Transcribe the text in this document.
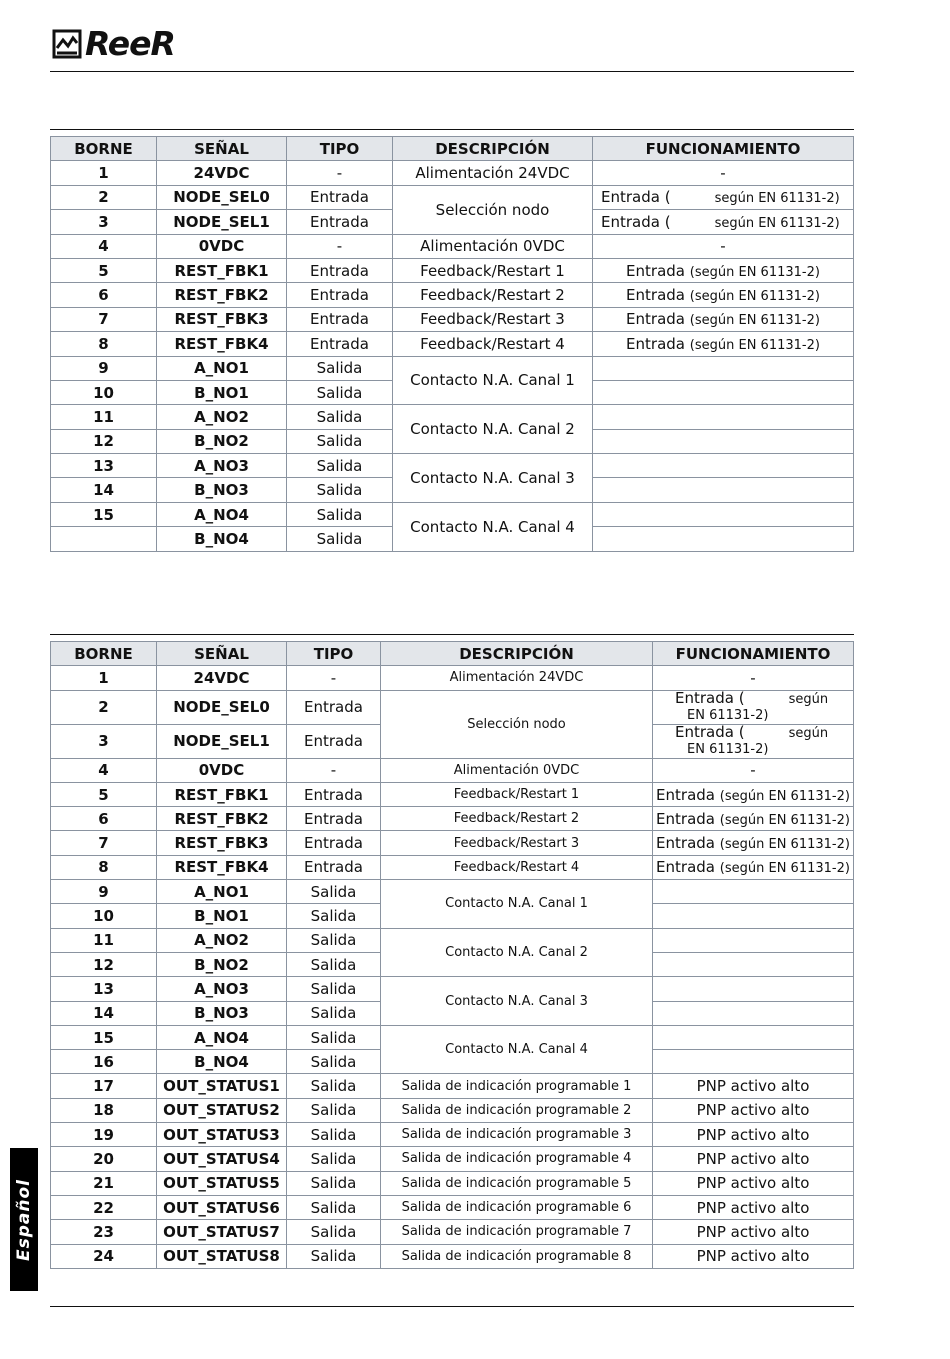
ReeR
BORNE	SEÑAL	TIPO	DESCRIPCIÓN	FUNCIONAMIENTO
1	24VDC	-	Alimentación 24VDC	-
2	NODE_SEL0	Entrada	Selección nodo	Entrada ( según EN 61131-2)
3	NODE_SEL1	Entrada		Entrada ( según EN 61131-2)
4	0VDC	-	Alimentación 0VDC	-
5	REST_FBK1	Entrada	Feedback/Restart 1	Entrada (según EN 61131-2)
6	REST_FBK2	Entrada	Feedback/Restart 2	Entrada (según EN 61131-2)
7	REST_FBK3	Entrada	Feedback/Restart 3	Entrada (según EN 61131-2)
8	REST_FBK4	Entrada	Feedback/Restart 4	Entrada (según EN 61131-2)
9	A_NO1	Salida	Contacto N.A. Canal 1	
10	B_NO1	Salida		
11	A_NO2	Salida	Contacto N.A. Canal 2	
12	B_NO2	Salida		
13	A_NO3	Salida	Contacto N.A. Canal 3	
14	B_NO3	Salida		
15	A_NO4	Salida	Contacto N.A. Canal 4	
	B_NO4	Salida		
BORNE	SEÑAL	TIPO	DESCRIPCIÓN	FUNCIONAMIENTO
1	24VDC	-	Alimentación 24VDC	-
2	NODE_SEL0	Entrada	Selección nodo	Entrada ( según
EN 61131-2)
3	NODE_SEL1	Entrada		Entrada ( según
EN 61131-2)
4	0VDC	-	Alimentación 0VDC	-
5	REST_FBK1	Entrada	Feedback/Restart 1	Entrada (según EN 61131-2)
6	REST_FBK2	Entrada	Feedback/Restart 2	Entrada (según EN 61131-2)
7	REST_FBK3	Entrada	Feedback/Restart 3	Entrada (según EN 61131-2)
8	REST_FBK4	Entrada	Feedback/Restart 4	Entrada (según EN 61131-2)
9	A_NO1	Salida	Contacto N.A. Canal 1	
10	B_NO1	Salida		
11	A_NO2	Salida	Contacto N.A. Canal 2	
12	B_NO2	Salida		
13	A_NO3	Salida	Contacto N.A. Canal 3	
14	B_NO3	Salida		
15	A_NO4	Salida	Contacto N.A. Canal 4	
16	B_NO4	Salida		
17	OUT_STATUS1	Salida	Salida de indicación programable 1	PNP activo alto
18	OUT_STATUS2	Salida	Salida de indicación programable 2	PNP activo alto
19	OUT_STATUS3	Salida	Salida de indicación programable 3	PNP activo alto
20	OUT_STATUS4	Salida	Salida de indicación programable 4	PNP activo alto
21	OUT_STATUS5	Salida	Salida de indicación programable 5	PNP activo alto
22	OUT_STATUS6	Salida	Salida de indicación programable 6	PNP activo alto
23	OUT_STATUS7	Salida	Salida de indicación programable 7	PNP activo alto
24	OUT_STATUS8	Salida	Salida de indicación programable 8	PNP activo alto
Español
